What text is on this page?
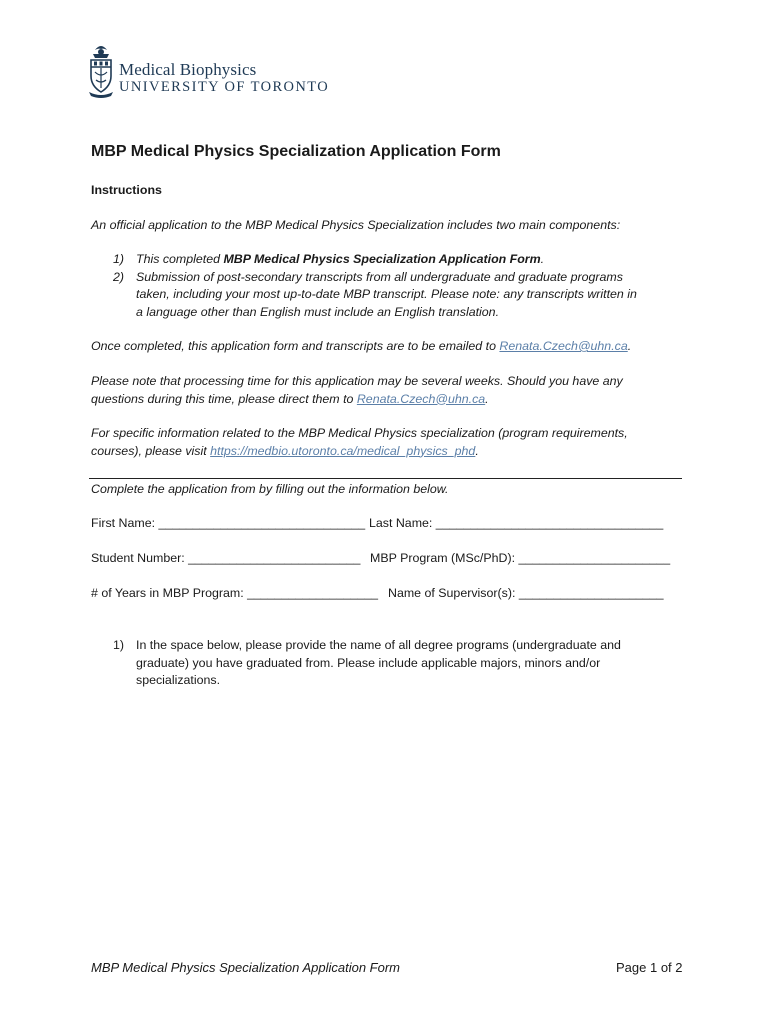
Medical Biophysics
UNIVERSITY OF TORONTO
MBP Medical Physics Specialization Application Form
Instructions
An official application to the MBP Medical Physics Specialization includes two main components:
1) This completed MBP Medical Physics Specialization Application Form.
2) Submission of post-secondary transcripts from all undergraduate and graduate programs
taken, including your most up-to-date MBP transcript. Please note: any transcripts written in
a language other than English must include an English translation.
Once completed, this application form and transcripts are to be emailed to Renata.Czech@uhn.ca.
Please note that processing time for this application may be several weeks. Should you have any
questions during this time, please direct them to Renata.Czech@uhn.ca.
For specific information related to the MBP Medical Physics specialization (program requirements,
courses), please visit https://medbio.utoronto.ca/medical_physics_phd.
Complete the application from by filling out the information below.
First Name: ______________________________ Last Name: _________________________________
Student Number: _________________________ MBP Program (MSc/PhD): ______________________
# of Years in MBP Program: ___________________ Name of Supervisor(s): _____________________
1) In the space below, please provide the name of all degree programs (undergraduate and
graduate) you have graduated from. Please include applicable majors, minors and/or
specializations.
MBP Medical Physics Specialization Application Form	Page 1 of 2
